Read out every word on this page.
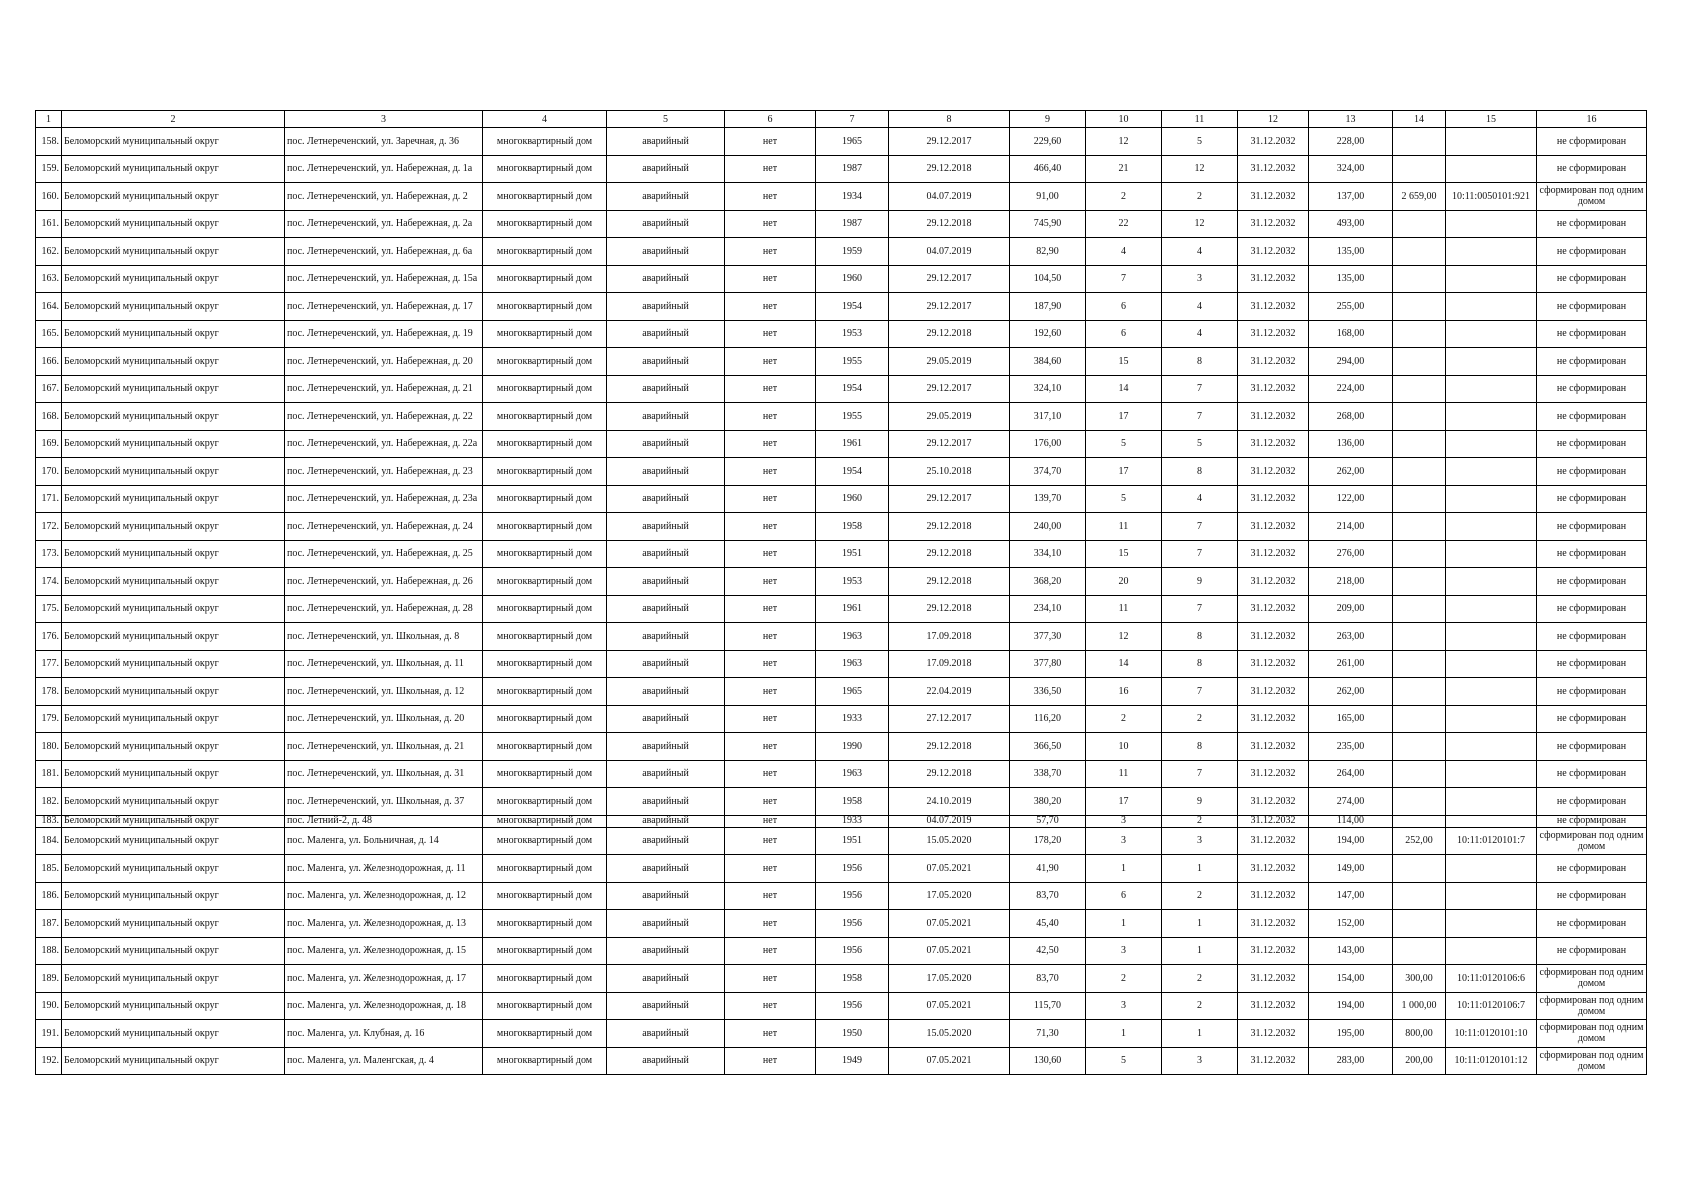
1	2	3	4	5	6	7	8	9	10	11	12	13	14	15	16
158.	Беломорский муниципальный округ	пос. Летнереченский, ул. Заречная, д. 36	многоквартирный дом	аварийный	нет	1965	29.12.2017	229,60	12	5	31.12.2032	228,00			не сформирован
159.	Беломорский муниципальный округ	пос. Летнереченский, ул. Набережная, д. 1а	многоквартирный дом	аварийный	нет	1987	29.12.2018	466,40	21	12	31.12.2032	324,00			не сформирован
160.	Беломорский муниципальный округ	пос. Летнереченский, ул. Набережная, д. 2	многоквартирный дом	аварийный	нет	1934	04.07.2019	91,00	2	2	31.12.2032	137,00	2 659,00	10:11:0050101:921	сформирован под одним домом
161.	Беломорский муниципальный округ	пос. Летнереченский, ул. Набережная, д. 2а	многоквартирный дом	аварийный	нет	1987	29.12.2018	745,90	22	12	31.12.2032	493,00			не сформирован
162.	Беломорский муниципальный округ	пос. Летнереченский, ул. Набережная, д. 6а	многоквартирный дом	аварийный	нет	1959	04.07.2019	82,90	4	4	31.12.2032	135,00			не сформирован
163.	Беломорский муниципальный округ	пос. Летнереченский, ул. Набережная, д. 15а	многоквартирный дом	аварийный	нет	1960	29.12.2017	104,50	7	3	31.12.2032	135,00			не сформирован
164.	Беломорский муниципальный округ	пос. Летнереченский, ул. Набережная, д. 17	многоквартирный дом	аварийный	нет	1954	29.12.2017	187,90	6	4	31.12.2032	255,00			не сформирован
165.	Беломорский муниципальный округ	пос. Летнереченский, ул. Набережная, д. 19	многоквартирный дом	аварийный	нет	1953	29.12.2018	192,60	6	4	31.12.2032	168,00			не сформирован
166.	Беломорский муниципальный округ	пос. Летнереченский, ул. Набережная, д. 20	многоквартирный дом	аварийный	нет	1955	29.05.2019	384,60	15	8	31.12.2032	294,00			не сформирован
167.	Беломорский муниципальный округ	пос. Летнереченский, ул. Набережная, д. 21	многоквартирный дом	аварийный	нет	1954	29.12.2017	324,10	14	7	31.12.2032	224,00			не сформирован
168.	Беломорский муниципальный округ	пос. Летнереченский, ул. Набережная, д. 22	многоквартирный дом	аварийный	нет	1955	29.05.2019	317,10	17	7	31.12.2032	268,00			не сформирован
169.	Беломорский муниципальный округ	пос. Летнереченский, ул. Набережная, д. 22а	многоквартирный дом	аварийный	нет	1961	29.12.2017	176,00	5	5	31.12.2032	136,00			не сформирован
170.	Беломорский муниципальный округ	пос. Летнереченский, ул. Набережная, д. 23	многоквартирный дом	аварийный	нет	1954	25.10.2018	374,70	17	8	31.12.2032	262,00			не сформирован
171.	Беломорский муниципальный округ	пос. Летнереченский, ул. Набережная, д. 23а	многоквартирный дом	аварийный	нет	1960	29.12.2017	139,70	5	4	31.12.2032	122,00			не сформирован
172.	Беломорский муниципальный округ	пос. Летнереченский, ул. Набережная, д. 24	многоквартирный дом	аварийный	нет	1958	29.12.2018	240,00	11	7	31.12.2032	214,00			не сформирован
173.	Беломорский муниципальный округ	пос. Летнереченский, ул. Набережная, д. 25	многоквартирный дом	аварийный	нет	1951	29.12.2018	334,10	15	7	31.12.2032	276,00			не сформирован
174.	Беломорский муниципальный округ	пос. Летнереченский, ул. Набережная, д. 26	многоквартирный дом	аварийный	нет	1953	29.12.2018	368,20	20	9	31.12.2032	218,00			не сформирован
175.	Беломорский муниципальный округ	пос. Летнереченский, ул. Набережная, д. 28	многоквартирный дом	аварийный	нет	1961	29.12.2018	234,10	11	7	31.12.2032	209,00			не сформирован
176.	Беломорский муниципальный округ	пос. Летнереченский, ул. Школьная, д. 8	многоквартирный дом	аварийный	нет	1963	17.09.2018	377,30	12	8	31.12.2032	263,00			не сформирован
177.	Беломорский муниципальный округ	пос. Летнереченский, ул. Школьная, д. 11	многоквартирный дом	аварийный	нет	1963	17.09.2018	377,80	14	8	31.12.2032	261,00			не сформирован
178.	Беломорский муниципальный округ	пос. Летнереченский, ул. Школьная, д. 12	многоквартирный дом	аварийный	нет	1965	22.04.2019	336,50	16	7	31.12.2032	262,00			не сформирован
179.	Беломорский муниципальный округ	пос. Летнереченский, ул. Школьная, д. 20	многоквартирный дом	аварийный	нет	1933	27.12.2017	116,20	2	2	31.12.2032	165,00			не сформирован
180.	Беломорский муниципальный округ	пос. Летнереченский, ул. Школьная, д. 21	многоквартирный дом	аварийный	нет	1990	29.12.2018	366,50	10	8	31.12.2032	235,00			не сформирован
181.	Беломорский муниципальный округ	пос. Летнереченский, ул. Школьная, д. 31	многоквартирный дом	аварийный	нет	1963	29.12.2018	338,70	11	7	31.12.2032	264,00			не сформирован
182.	Беломорский муниципальный округ	пос. Летнереченский, ул. Школьная, д. 37	многоквартирный дом	аварийный	нет	1958	24.10.2019	380,20	17	9	31.12.2032	274,00			не сформирован
183.	Беломорский муниципальный округ	пос. Летний-2, д. 48	многоквартирный дом	аварийный	нет	1933	04.07.2019	57,70	3	2	31.12.2032	114,00			не сформирован
184.	Беломорский муниципальный округ	пос. Маленга, ул. Больничная, д. 14	многоквартирный дом	аварийный	нет	1951	15.05.2020	178,20	3	3	31.12.2032	194,00	252,00	10:11:0120101:7	сформирован под одним домом
185.	Беломорский муниципальный округ	пос. Маленга, ул. Железнодорожная, д. 11	многоквартирный дом	аварийный	нет	1956	07.05.2021	41,90	1	1	31.12.2032	149,00			не сформирован
186.	Беломорский муниципальный округ	пос. Маленга, ул. Железнодорожная, д. 12	многоквартирный дом	аварийный	нет	1956	17.05.2020	83,70	6	2	31.12.2032	147,00			не сформирован
187.	Беломорский муниципальный округ	пос. Маленга, ул. Железнодорожная, д. 13	многоквартирный дом	аварийный	нет	1956	07.05.2021	45,40	1	1	31.12.2032	152,00			не сформирован
188.	Беломорский муниципальный округ	пос. Маленга, ул. Железнодорожная, д. 15	многоквартирный дом	аварийный	нет	1956	07.05.2021	42,50	3	1	31.12.2032	143,00			не сформирован
189.	Беломорский муниципальный округ	пос. Маленга, ул. Железнодорожная, д. 17	многоквартирный дом	аварийный	нет	1958	17.05.2020	83,70	2	2	31.12.2032	154,00	300,00	10:11:0120106:6	сформирован под одним домом
190.	Беломорский муниципальный округ	пос. Маленга, ул. Железнодорожная, д. 18	многоквартирный дом	аварийный	нет	1956	07.05.2021	115,70	3	2	31.12.2032	194,00	1 000,00	10:11:0120106:7	сформирован под одним домом
191.	Беломорский муниципальный округ	пос. Маленга, ул. Клубная, д. 16	многоквартирный дом	аварийный	нет	1950	15.05.2020	71,30	1	1	31.12.2032	195,00	800,00	10:11:0120101:10	сформирован под одним домом
192.	Беломорский муниципальный округ	пос. Маленга, ул. Маленгская, д. 4	многоквартирный дом	аварийный	нет	1949	07.05.2021	130,60	5	3	31.12.2032	283,00	200,00	10:11:0120101:12	сформирован под одним домом
